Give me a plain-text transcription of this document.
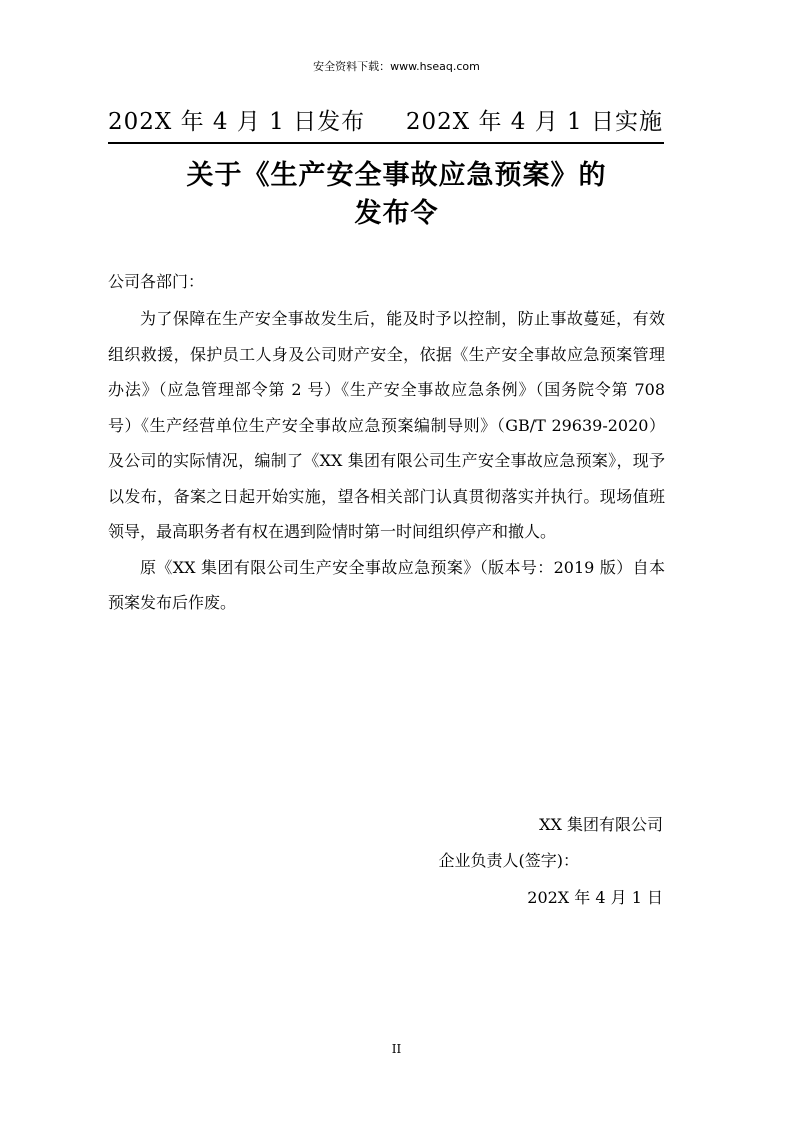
安全资料下载：www.hseaq.com
202X 年 4 月 1 日发布 202X 年 4 月 1 日实施
关于《生产安全事故应急预案》的
发布令
公司各部门：

为了保障在生产安全事故发生后，能及时予以控制，防止事故蔓延，有效组织救援，保护员工人身及公司财产安全，依据《生产安全事故应急预案管理办法》（应急管理部令第 2 号）《生产安全事故应急条例》（国务院令第 708 号）《生产经营单位生产安全事故应急预案编制导则》（GB/T 29639-2020）及公司的实际情况，编制了《XX 集团有限公司生产安全事故应急预案》，现予以发布，备案之日起开始实施，望各相关部门认真贯彻落实并执行。现场值班领导，最高职务者有权在遇到险情时第一时间组织停产和撤人。

原《XX 集团有限公司生产安全事故应急预案》（版本号：2019 版）自本预案发布后作废。

XX 集团有限公司
企业负责人(签字)：
202X 年 4 月 1 日
II
